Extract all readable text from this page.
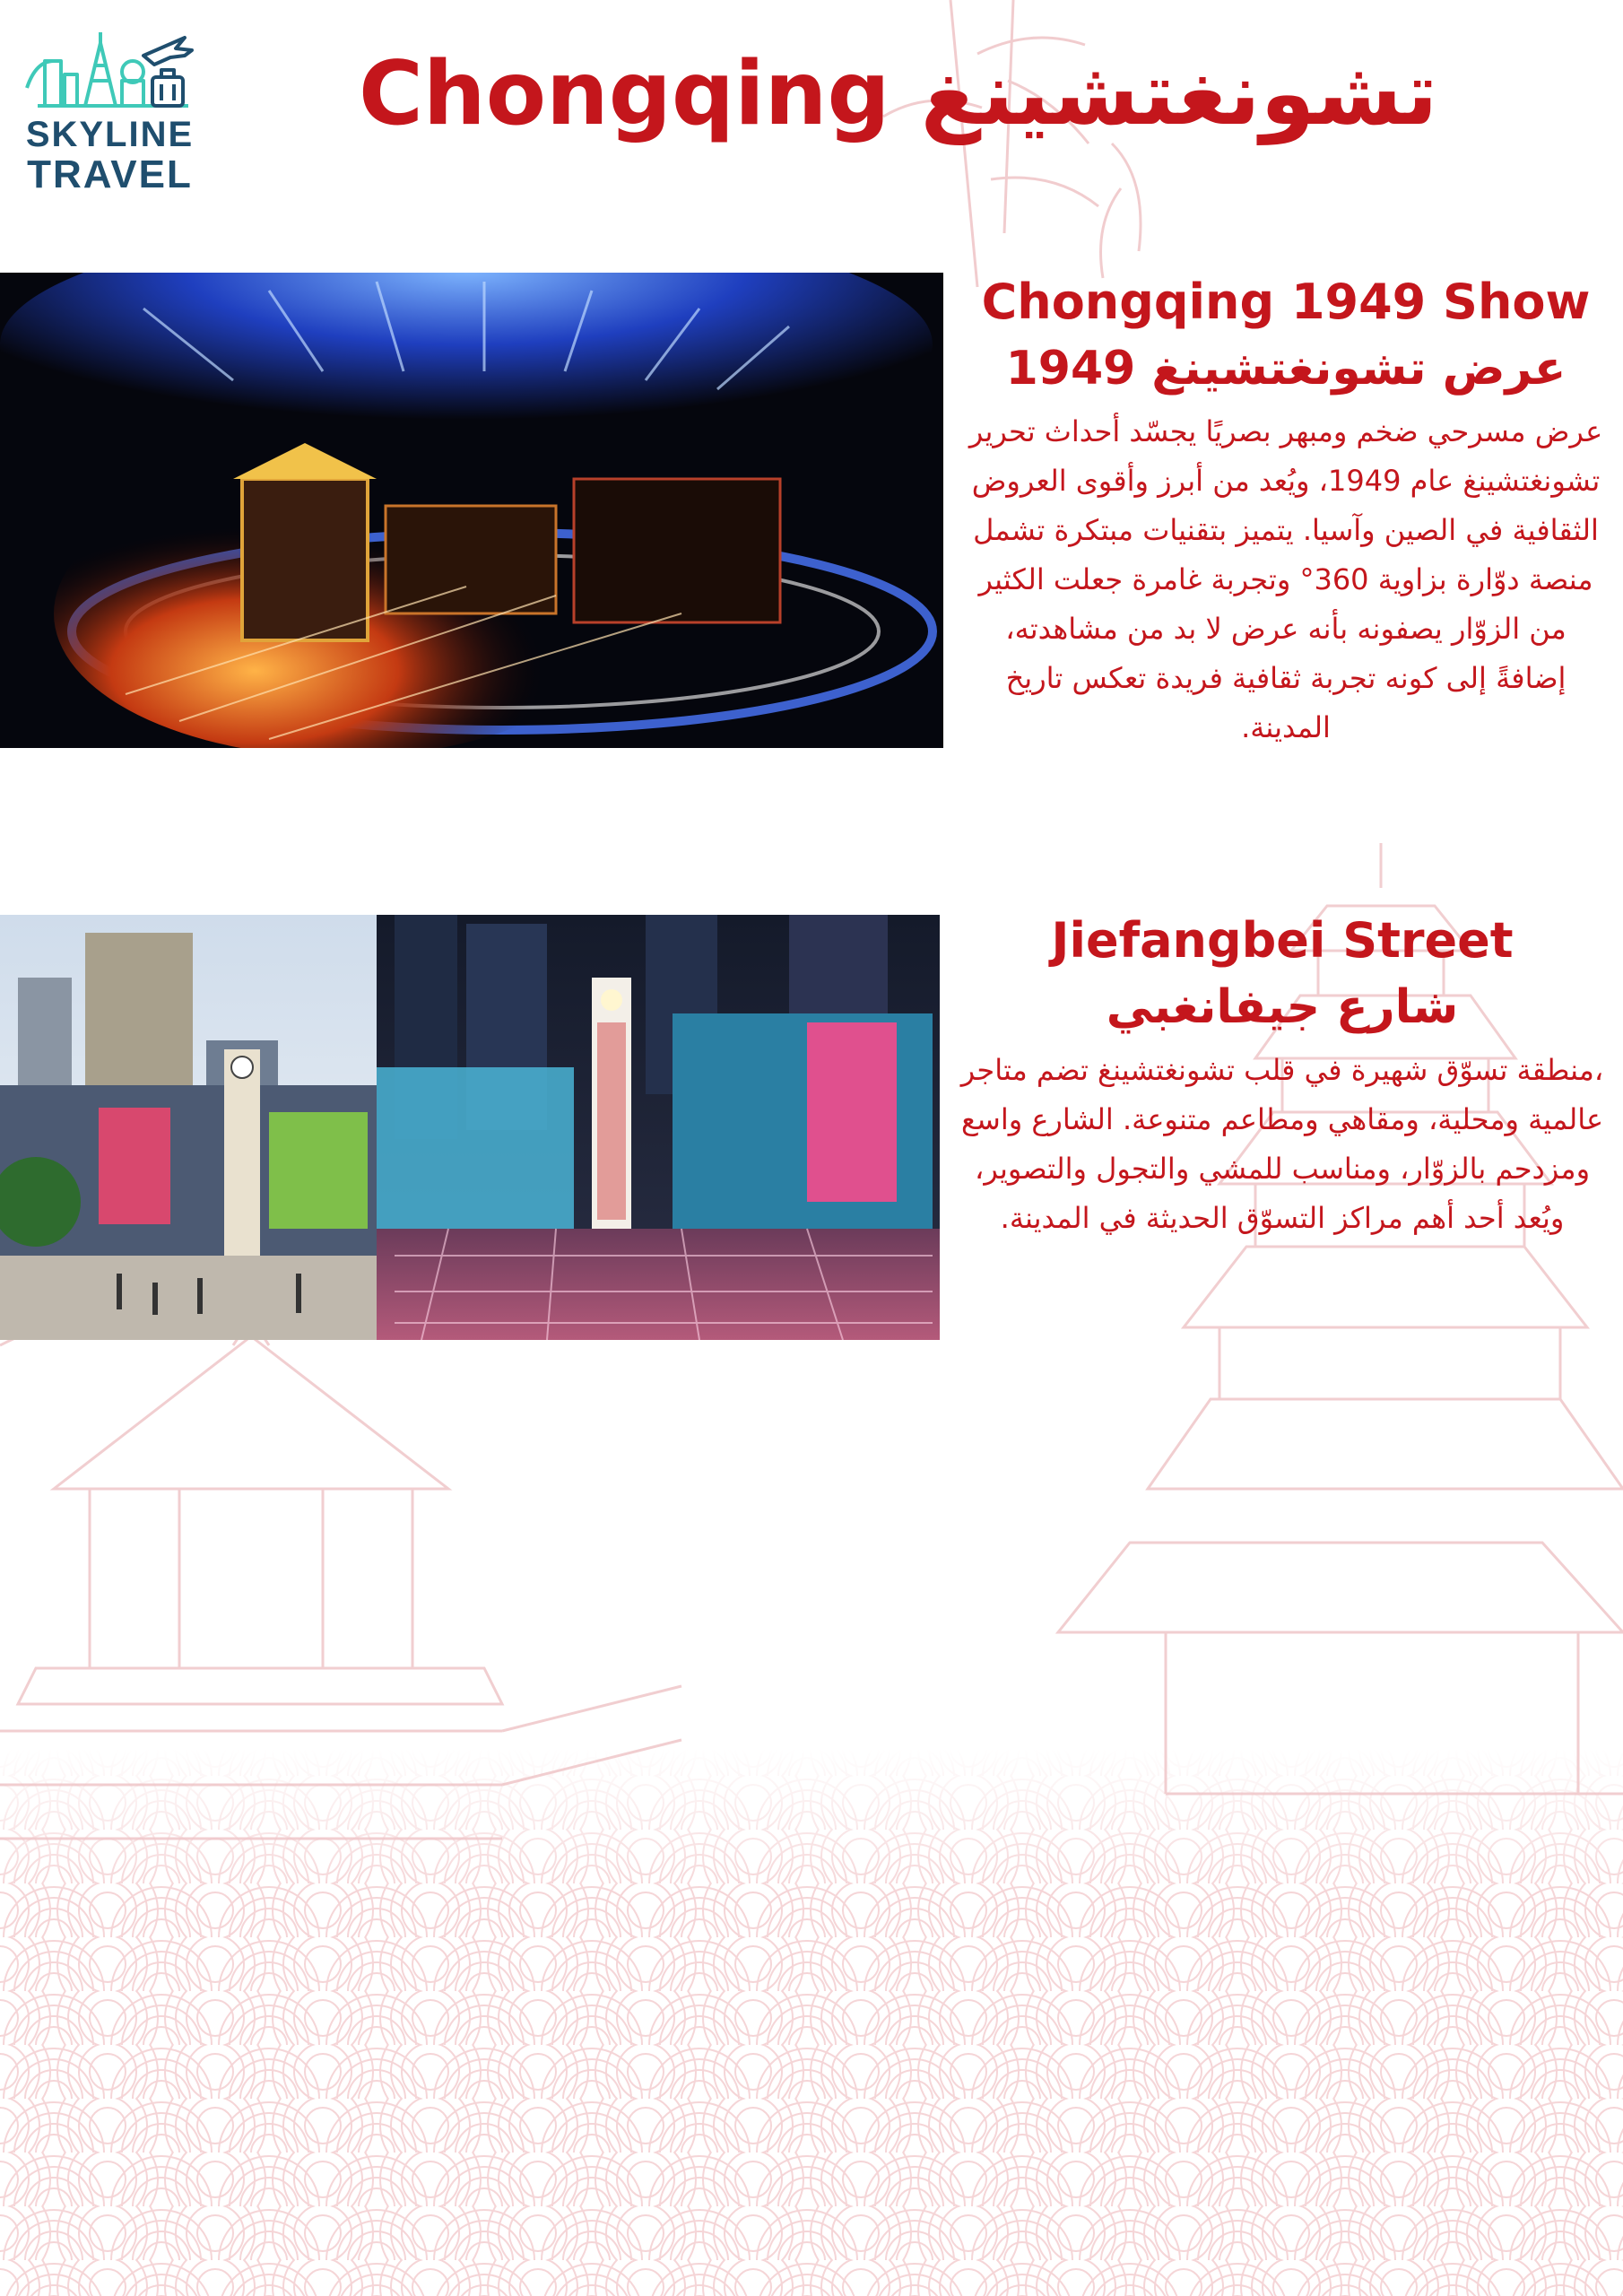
SKYLINE
TRAVEL
Chongqing تشونغتشينغ
Chongqing 1949 Show
عرض تشونغتشينغ 1949

عرض مسرحي ضخم ومبهر بصريًا يجسّد أحداث تحرير تشونغتشينغ عام 1949، ويُعد من أبرز وأقوى العروض الثقافية في الصين وآسيا. يتميز بتقنيات مبتكرة تشمل منصة دوّارة بزاوية 360° وتجربة غامرة جعلت الكثير من الزوّار يصفونه بأنه عرض لا بد من مشاهدته، إضافةً إلى كونه تجربة ثقافية فريدة تعكس تاريخ المدينة.

Jiefangbei Street
شارع جيفانغبي

،منطقة تسوّق شهيرة في قلب تشونغتشينغ تضم متاجر عالمية ومحلية، ومقاهي ومطاعم متنوعة. الشارع واسع ومزدحم بالزوّار، ومناسب للمشي والتجول والتصوير، ويُعد أحد أهم مراكز التسوّق الحديثة في المدينة.
